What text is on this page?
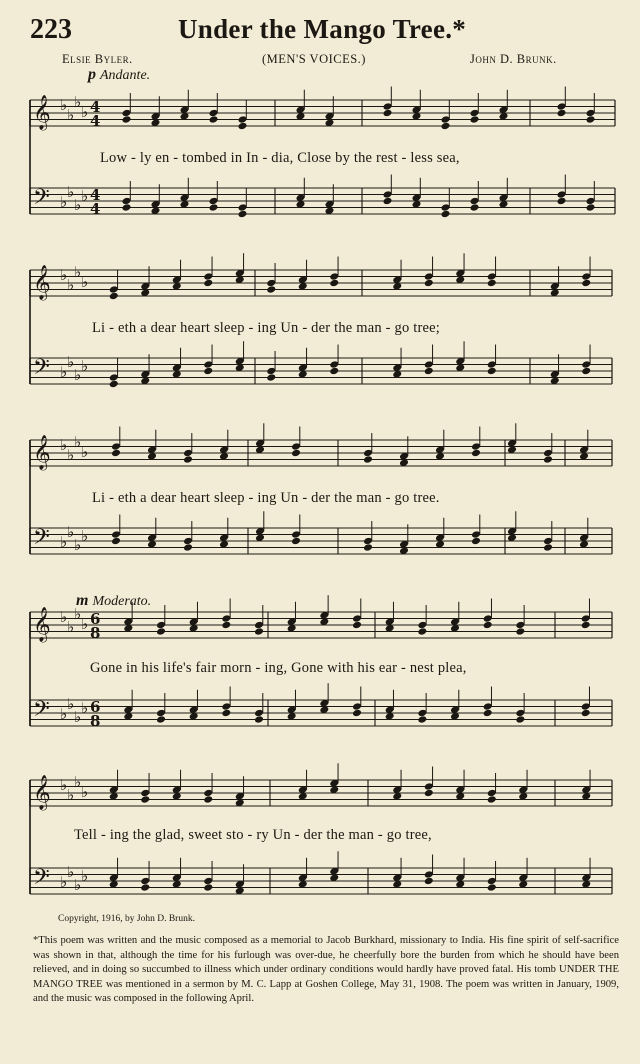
223	Under the Mango Tree.*
Elsie Byler.	(MEN'S VOICES.)	John D. Brunk.
p Andante.
m Moderato.
𝄞 ♭
♭
♭
♭ 4
4
𝄢 ♭
♭
♭ ♭ 4
4
𝄞 ♭
♭
♭
♭
𝄢 ♭
♭
♭ ♭
𝄞 ♭
♭
♭
♭
𝄢 ♭
♭
♭ ♭
𝄞 ♭
♭
♭
♭ 6
8
𝄢 ♭
♭
♭ ♭ 6
8
𝄞 ♭
♭
♭
♭
𝄢 ♭
♭
♭ ♭
Low - ly en - tombed in In - dia, Close by the rest - less sea,
Li - eth a dear heart sleep - ing Un - der the man - go tree;
Li - eth a dear heart sleep - ing Un - der the man - go tree.
Gone in his life's fair morn - ing, Gone with his ear - nest plea,
Tell - ing the glad, sweet sto - ry Un - der the man - go tree,
Copyright, 1916, by John D. Brunk.
*This poem was written and the music composed as a memorial to Jacob Burkhard, missionary to India. His fine spirit of self-sacrifice was shown in that, although the time for his furlough was over-due, he cheerfully bore the burden from which he should have been relieved, and in doing so succumbed to illness which under ordinary conditions would hardly have proved fatal. His tomb UNDER THE MANGO TREE was mentioned in a sermon by M. C. Lapp at Goshen College, May 31, 1908. The poem was written in January, 1909, and the music was composed in the following April.
